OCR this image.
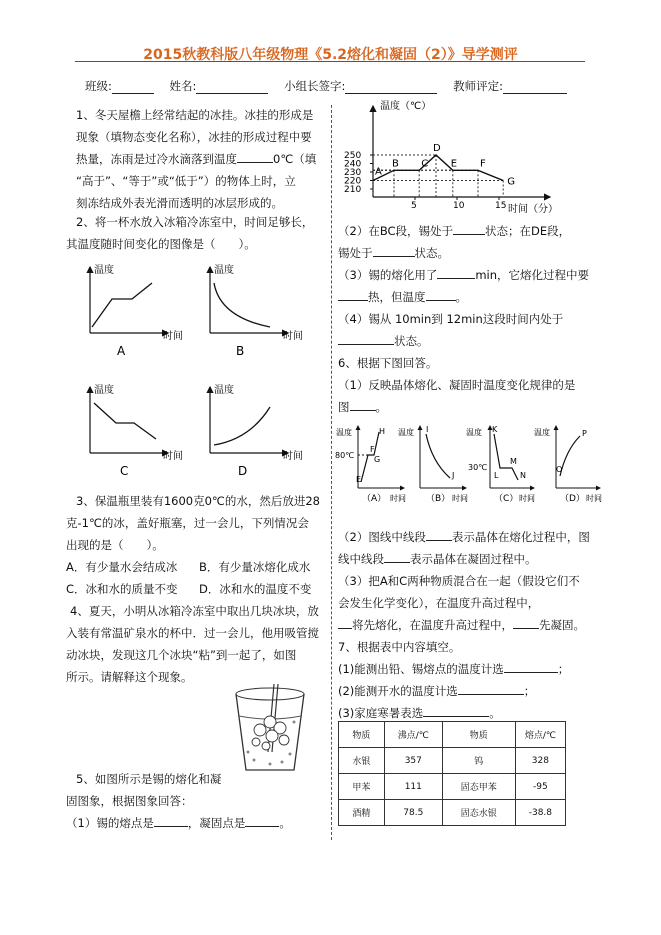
2015秋教科版八年级物理《5.2熔化和凝固（2）》导学测评
班级:	姓名:	小组长签字:	教师评定:
1、冬天屋檐上经常结起的冰挂。冰挂的形成是
现象（填物态变化名称），冰挂的形成过程中要
热量，冻雨是过冷水滴落到温度	0℃（填
“高于”、“等于”或“低于”）的物体上时，立
刻冻结成外表光滑而透明的冰层形成的。
2、将一杯水放入冰箱冷冻室中，时间足够长，
其温度随时间变化的图像是（　　）。
温度
时间
A
温度
时间
B
温度
时间
C
温度
时间
D
3、保温瓶里装有1600克0℃的水，然后放进28
克-1℃的冰，盖好瓶塞，过一会儿，下列情况会
出现的是（　　）。
A．有少量水会结成冰 B．有少量冰熔化成水
C．冰和水的质量不变 D．冰和水的温度不变
4、夏天，小明从冰箱冷冻室中取出几块冰块，放
入装有常温矿泉水的杯中．过一会儿，他用吸管搅
动冰块，发现这几个冰块“粘”到一起了，如图
所示。请解释这个现象。
5、如图所示是锡的熔化和凝
固图象，根据图象回答：
（1）锡的熔点是	，凝固点是	。
温度（℃）
时间（分）
250
240
230
220
210
5	10	15
A
B C
D
E F
G
（2）在BC段，锡处于	状态；在DE段，
锡处于	状态。
（3）锡的熔化用了	min，它熔化过程中要
热，但温度	。
（4）锡从 10min到 12min这段时间内处于
状态。
6、根据下图回答。
（1）反映晶体熔化、凝固时温度变化规律的是
图 。
温度
80℃
E
F
H
G
（A） 时间
温度 I
J
（B） 时间
温度
30℃
K
L
M
N
（C） 时间
温度
O
P
（D） 时间
（2）图线中线段 表示晶体在熔化过程中，图
线中线段 表示晶体在凝固过程中。
（3）把A和C两种物质混合在一起（假设它们不
会发生化学变化），在温度升高过程中，
将先熔化，在温度升高过程中， 先凝固。
7、根据表中内容填空。
(1)能测出铅、锡熔点的温度计选	；
(2)能测开水的温度计选	；
(3)家庭寒暑表选	。
物质	沸点/℃	物质	熔点/℃
水银	357	钨	328
甲苯	111	固态甲苯	-95
酒精	78.5	固态水银	-38.8
